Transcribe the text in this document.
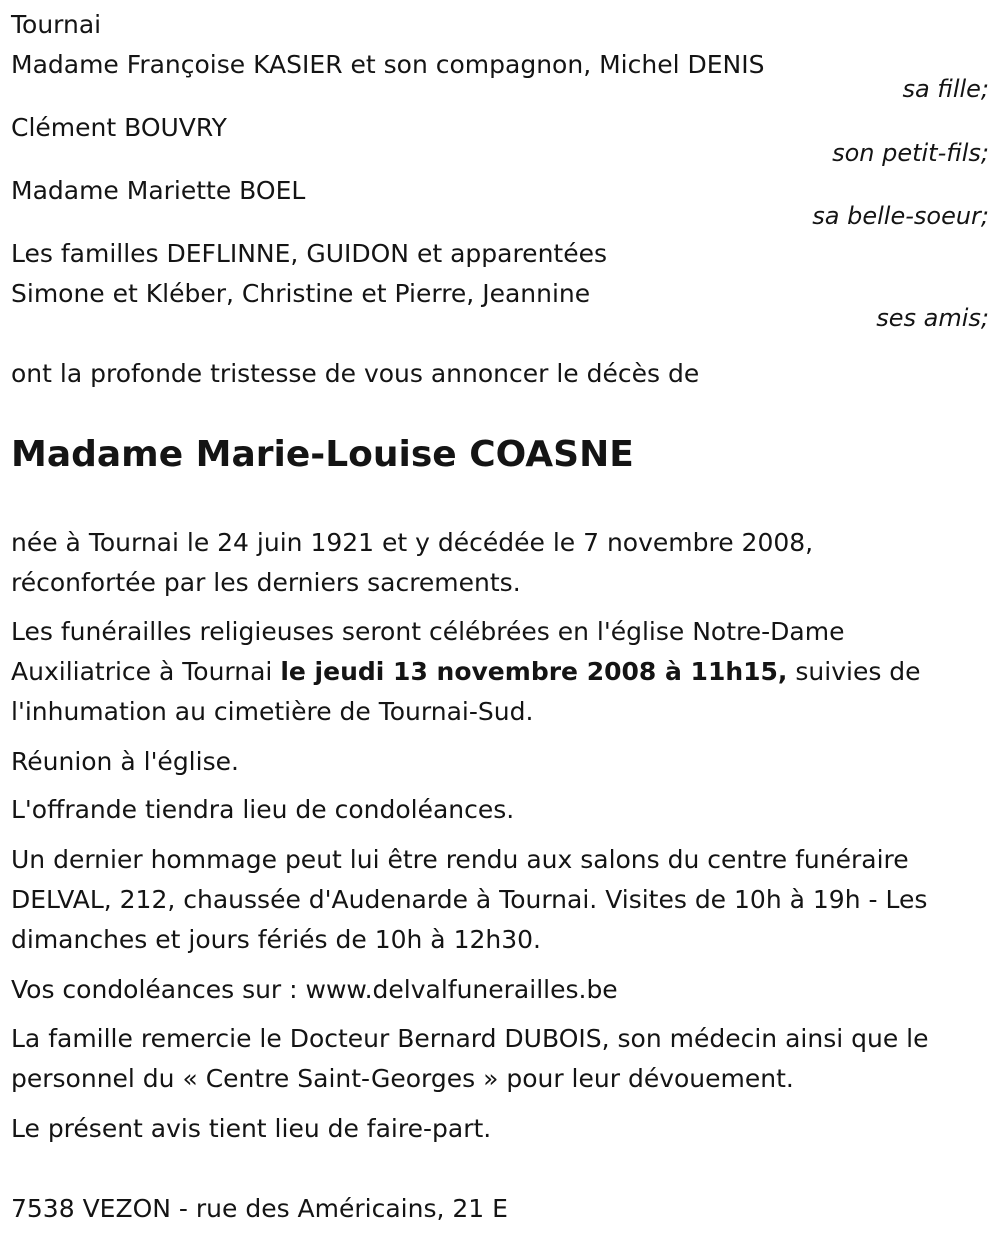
Tournai
Madame Françoise KASIER et son compagnon, Michel DENIS
sa fille;
Clément BOUVRY
son petit-fils;
Madame Mariette BOEL
sa belle-soeur;
Les familles DEFLINNE, GUIDON et apparentées
Simone et Kléber, Christine et Pierre, Jeannine
ses amis;
ont la profonde tristesse de vous annoncer le décès de
Madame Marie-Louise COASNE
née à Tournai le 24 juin 1921 et y décédée le 7 novembre 2008,
réconfortée par les derniers sacrements.
Les funérailles religieuses seront célébrées en l'église Notre-Dame
Auxiliatrice à Tournai le jeudi 13 novembre 2008 à 11h15, suivies de
l'inhumation au cimetière de Tournai-Sud.
Réunion à l'église.
L'offrande tiendra lieu de condoléances.
Un dernier hommage peut lui être rendu aux salons du centre funéraire
DELVAL, 212, chaussée d'Audenarde à Tournai. Visites de 10h à 19h - Les
dimanches et jours fériés de 10h à 12h30.
Vos condoléances sur : www.delvalfunerailles.be
La famille remercie le Docteur Bernard DUBOIS, son médecin ainsi que le
personnel du « Centre Saint-Georges » pour leur dévouement.
Le présent avis tient lieu de faire-part.
7538 VEZON - rue des Américains, 21 E
